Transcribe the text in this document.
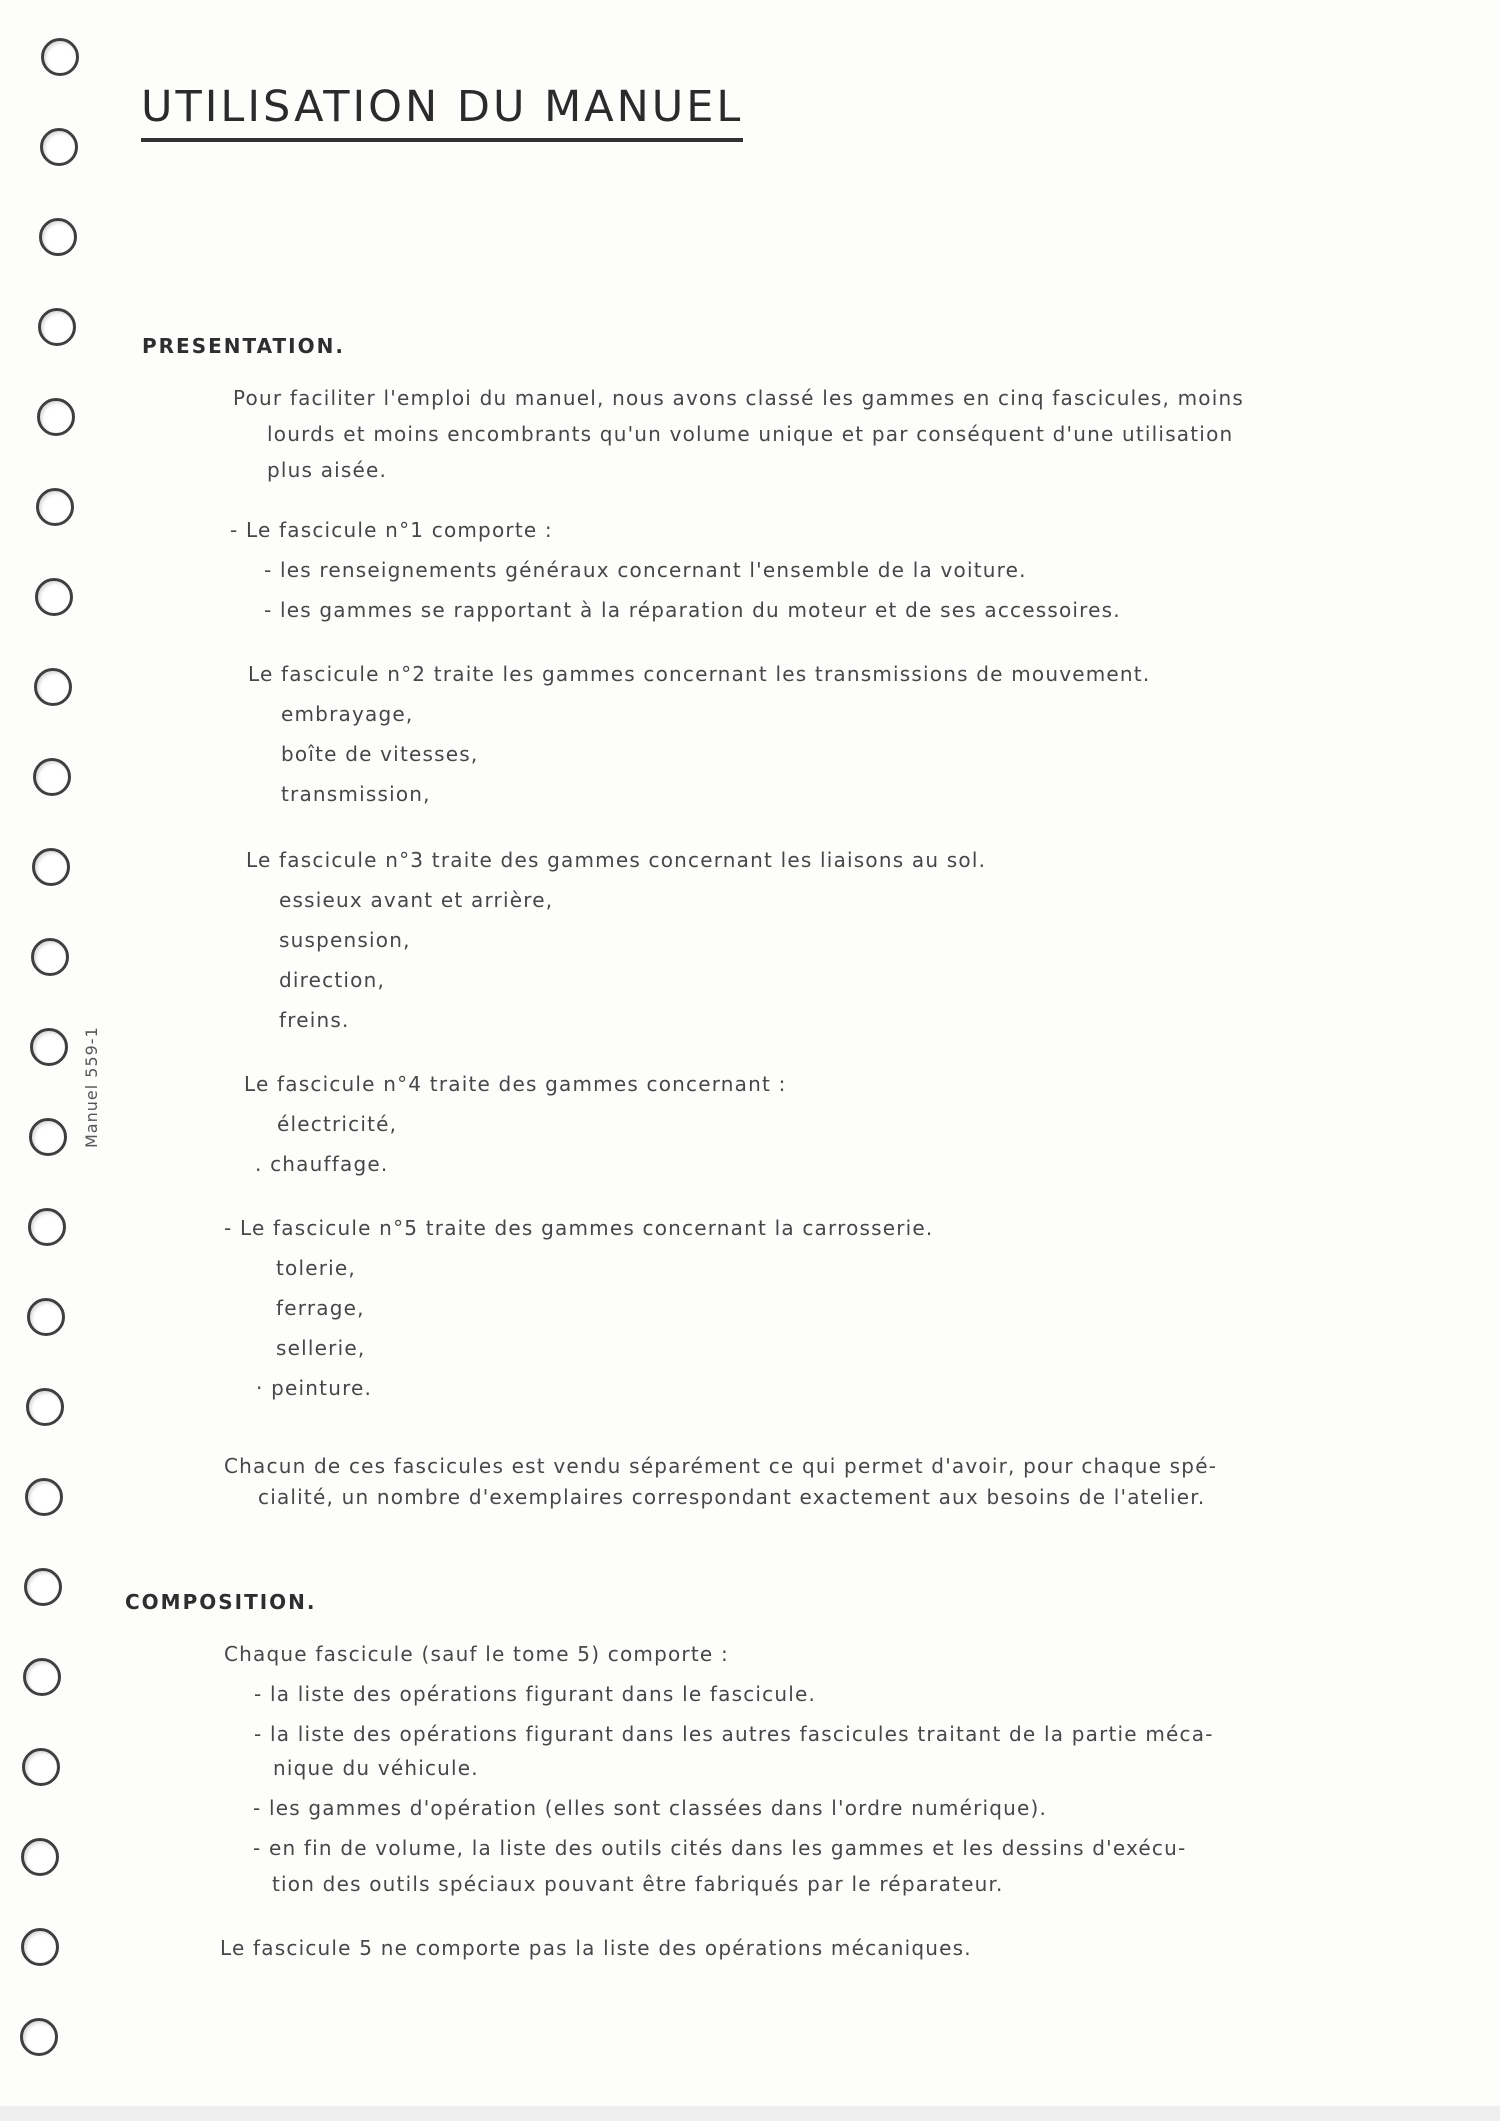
Manuel 559-1
UTILISATION DU MANUEL
PRESENTATION.

Pour faciliter l'emploi du manuel, nous avons classé les gammes en cinq fascicules, moins

lourds et moins encombrants qu'un volume unique et par conséquent d'une utilisation

plus aisée.

- Le fascicule n°1 comporte :

- les renseignements généraux concernant l'ensemble de la voiture.

- les gammes se rapportant à la réparation du moteur et de ses accessoires.

Le fascicule n°2 traite les gammes concernant les transmissions de mouvement.

embrayage,

boîte de vitesses,

transmission,

Le fascicule n°3 traite des gammes concernant les liaisons au sol.

essieux avant et arrière,

suspension,

direction,

freins.

Le fascicule n°4 traite des gammes concernant :

électricité,

. chauffage.

- Le fascicule n°5 traite des gammes concernant la carrosserie.

tolerie,

ferrage,

sellerie,

· peinture.

Chacun de ces fascicules est vendu séparément ce qui permet d'avoir, pour chaque spé-

cialité, un nombre d'exemplaires correspondant exactement aux besoins de l'atelier.

COMPOSITION.

Chaque fascicule (sauf le tome 5) comporte :

- la liste des opérations figurant dans le fascicule.

- la liste des opérations figurant dans les autres fascicules traitant de la partie méca-

nique du véhicule.

- les gammes d'opération (elles sont classées dans l'ordre numérique).

- en fin de volume, la liste des outils cités dans les gammes et les dessins d'exécu-

tion des outils spéciaux pouvant être fabriqués par le réparateur.

Le fascicule 5 ne comporte pas la liste des opérations mécaniques.
